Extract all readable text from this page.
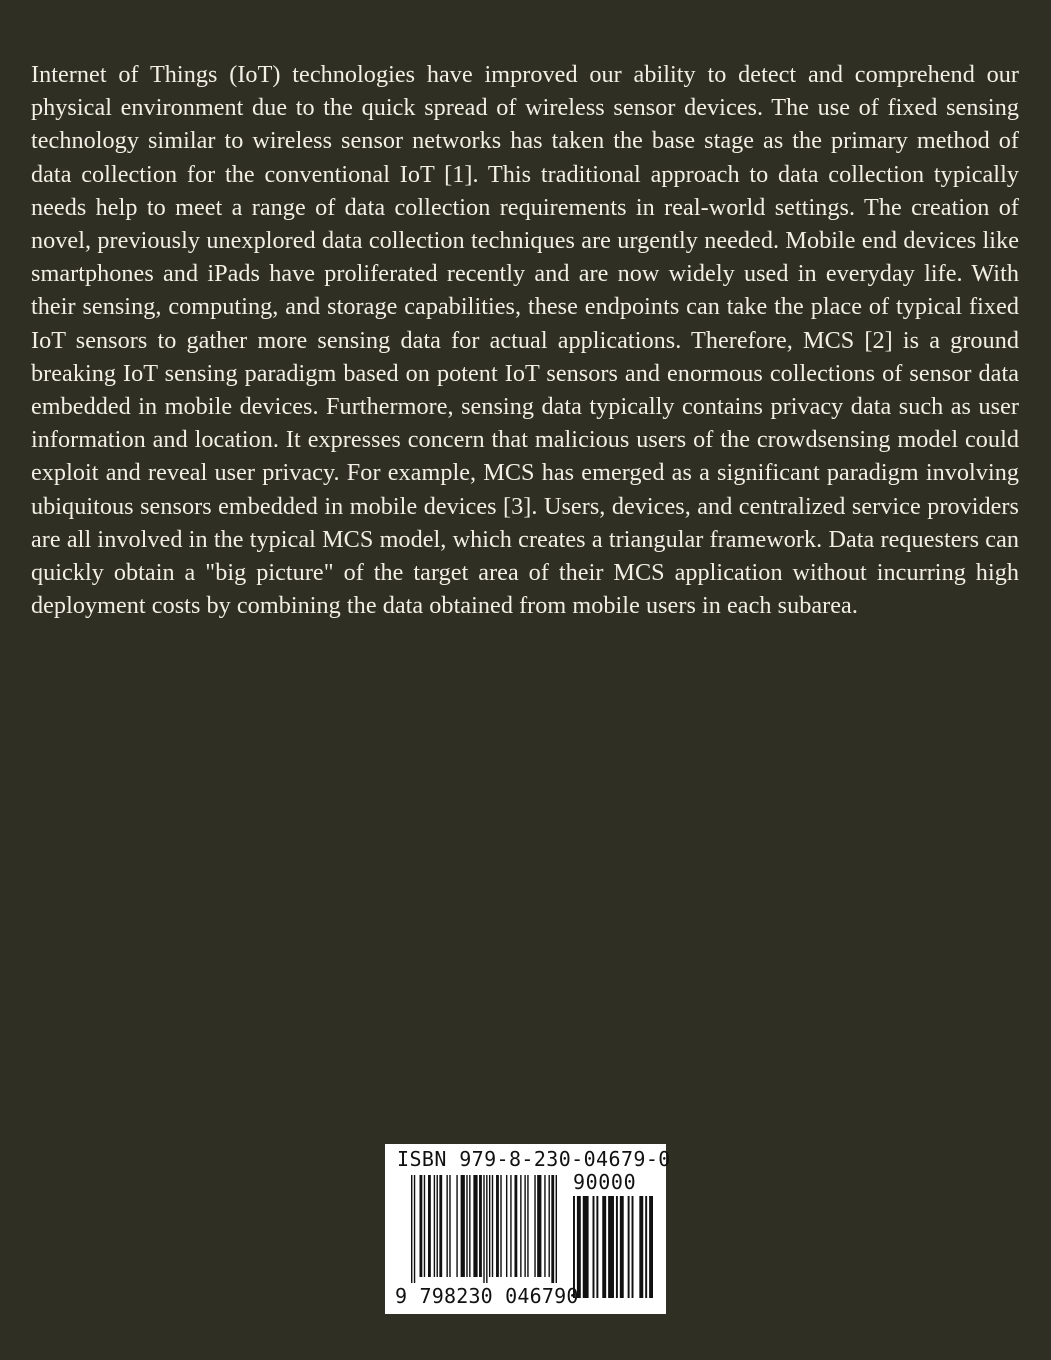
Internet of Things (IoT) technologies have improved our ability to detect and comprehend our physical environment due to the quick spread of wireless sensor devices. The use of fixed sensing technology similar to wireless sensor networks has taken the base stage as the primary method of data collection for the conventional IoT [1]. This traditional approach to data collection typically needs help to meet a range of data collection requirements in real-world settings. The creation of novel, previously unexplored data collection techniques are urgently needed. Mobile end devices like smartphones and iPads have proliferated recently and are now widely used in everyday life. With their sensing, computing, and storage capabilities, these endpoints can take the place of typical fixed IoT sensors to gather more sensing data for actual applications. Therefore, MCS [2] is a ground breaking IoT sensing paradigm based on potent IoT sensors and enormous collections of sensor data embedded in mobile devices. Furthermore, sensing data typically contains privacy data such as user information and location. It expresses concern that malicious users of the crowdsensing model could exploit and reveal user privacy. For example, MCS has emerged as a significant paradigm involving ubiquitous sensors embedded in mobile devices [3]. Users, devices, and centralized service providers are all involved in the typical MCS model, which creates a triangular framework. Data requesters can quickly obtain a "big picture" of the target area of their MCS application without incurring high deployment costs by combining the data obtained from mobile users in each subarea.

ISBN 979-8-230-04679-0
90000
9 798230 046790
